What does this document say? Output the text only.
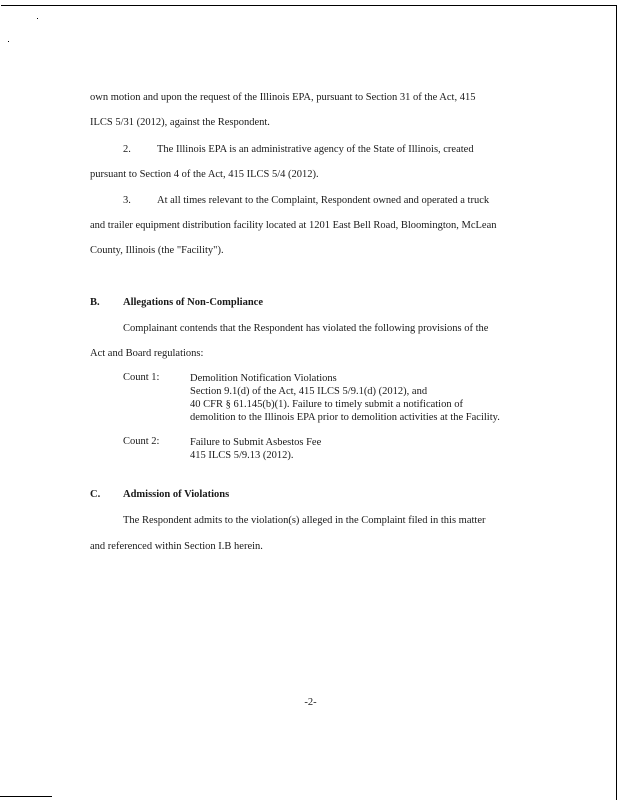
own motion and upon the request of the Illinois EPA, pursuant to Section 31 of the Act, 415
ILCS 5/31 (2012), against the Respondent.
2. The Illinois EPA is an administrative agency of the State of Illinois, created
pursuant to Section 4 of the Act, 415 ILCS 5/4 (2012).
3. At all times relevant to the Complaint, Respondent owned and operated a truck
and trailer equipment distribution facility located at 1201 East Bell Road, Bloomington, McLean
County, Illinois (the "Facility").
B. Allegations of Non-Compliance
Complainant contends that the Respondent has violated the following provisions of the
Act and Board regulations:
Count 1:	Demolition Notification Violations
Section 9.1(d) of the Act, 415 ILCS 5/9.1(d) (2012), and
40 CFR § 61.145(b)(1). Failure to timely submit a notification of
demolition to the Illinois EPA prior to demolition activities at the Facility.
Count 2:	Failure to Submit Asbestos Fee
415 ILCS 5/9.13 (2012).
C. Admission of Violations
The Respondent admits to the violation(s) alleged in the Complaint filed in this matter
and referenced within Section I.B herein.
-2-
